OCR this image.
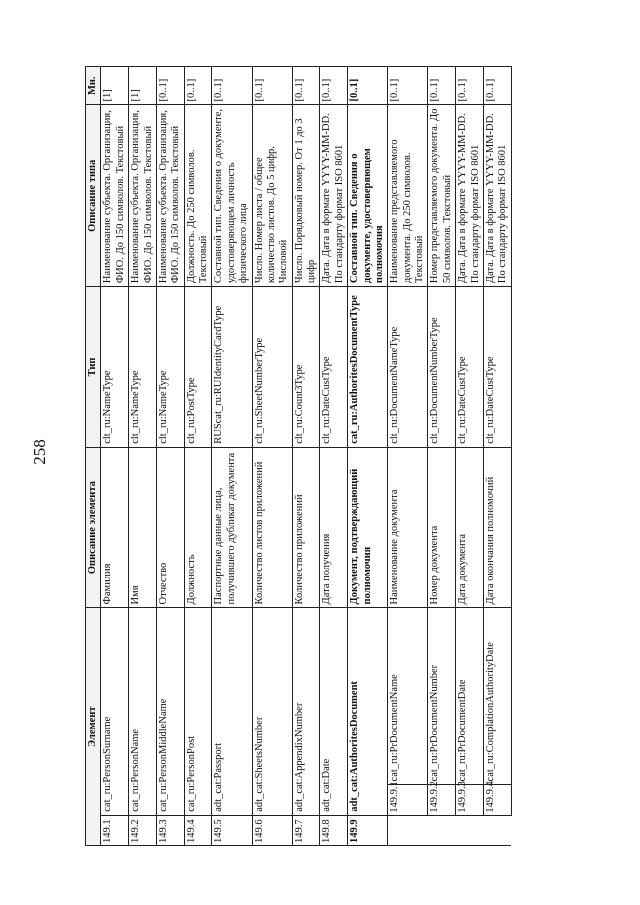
258
Элемент			Описание элемента	Тип	Описание типа	Мн.
149.1	cat_ru:PersonSurname		Фамилия	clt_ru:NameType	Наименование субъекта. Организация, ФИО. До 150 символов. Текстовый	[1]
149.2	cat_ru:PersonName		Имя	clt_ru:NameType	Наименование субъекта. Организация, ФИО. До 150 символов. Текстовый	[1]
149.3	cat_ru:PersonMiddleName		Отчество	clt_ru:NameType	Наименование субъекта. Организация, ФИО. До 150 символов. Текстовый	[0..1]
149.4	cat_ru:PersonPost		Должность	clt_ru:PostType	Должность. До 250 символов. Текстовый	[0..1]
149.5	adt_cat:Passport		Паспортные данные лица, получившего дубликат документа	RUScat_ru:RUIdentityCardType	Составной тип. Сведения о документе, удостоверяющем личность физического лица	[0..1]
149.6	adt_cat:SheetsNumber		Количество листов приложений	clt_ru:SheetNumberType	Число. Номер листа / общее количество листов. До 5 цифр. Числовой	[0..1]
149.7	adt_cat:AppendixNumber		Количество приложений	clt_ru:Count3Type	Число. Порядковый номер. От 1 до 3 цифр	[0..1]
149.8	adt_cat:Date		Дата получения	clt_ru:DateCustType	Дата. Дата в формате YYYY-MM-DD. По стандарту формат ISO 8601	[0..1]
149.9	adt_cat:AuthoritesDocument		Документ, подтверждающий полномочия	cat_ru:AuthoritesDocumentType	Составной тип. Сведения о документе, удостоверяющем полномочия	[0..1]
	149.9.1	cat_ru:PrDocumentName	Наименование документа	clt_ru:DocumentNameType	Наименование представляемого документа. До 250 символов. Текстовый	[0..1]
	149.9.2	cat_ru:PrDocumentNumber	Номер документа	clt_ru:DocumentNumberType	Номер представляемого документа. До 50 символов. Текстовый	[0..1]
	149.9.3	cat_ru:PrDocumentDate	Дата документа	clt_ru:DateCustType	Дата. Дата в формате YYYY-MM-DD. По стандарту формат ISO 8601	[0..1]
	149.9.4	cat_ru:ComplationAuthorityDate	Дата окончания полномочий	clt_ru:DateCustType	Дата. Дата в формате YYYY-MM-DD. По стандарту формат ISO 8601	[0..1]
